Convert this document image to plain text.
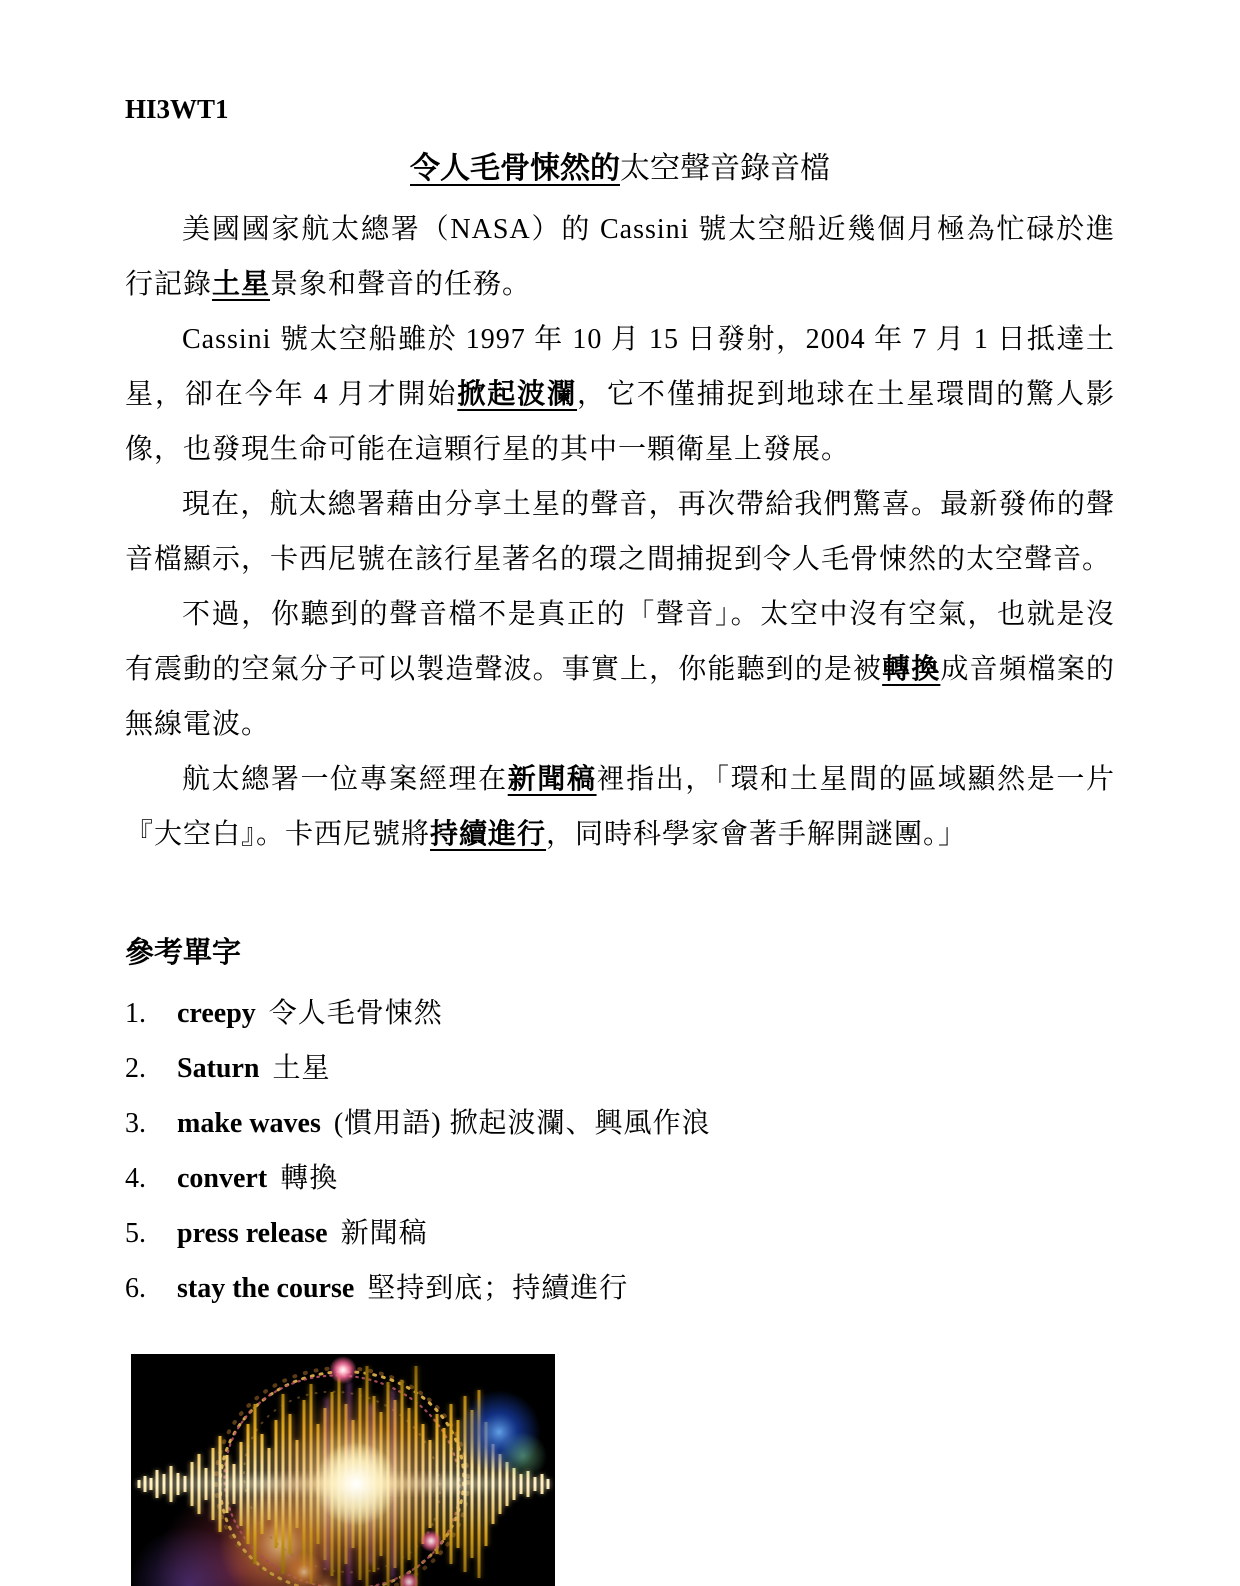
HI3WT1
令人毛骨悚然的太空聲音錄音檔

美國國家航太總署（NASA）的 Cassini 號太空船近幾個月極為忙碌於進行記錄土星景象和聲音的任務。

Cassini 號太空船雖於 1997 年 10 月 15 日發射，2004 年 7 月 1 日抵達土星，卻在今年 4 月才開始掀起波瀾，它不僅捕捉到地球在土星環間的驚人影像，也發現生命可能在這顆行星的其中一顆衛星上發展。

現在，航太總署藉由分享土星的聲音，再次帶給我們驚喜。最新發佈的聲音檔顯示，卡西尼號在該行星著名的環之間捕捉到令人毛骨悚然的太空聲音。

不過，你聽到的聲音檔不是真正的「聲音」。太空中沒有空氣，也就是沒有震動的空氣分子可以製造聲波。事實上，你能聽到的是被轉換成音頻檔案的無線電波。

航太總署一位專案經理在新聞稿裡指出，「環和土星間的區域顯然是一片『大空白』。卡西尼號將持續進行，同時科學家會著手解開謎團。」

參考單字
1.	creepy 令人毛骨悚然
2.	Saturn 土星
3.	make waves (慣用語) 掀起波瀾、興風作浪
4.	convert 轉換
5.	press release 新聞稿
6.	stay the course 堅持到底；持續進行
